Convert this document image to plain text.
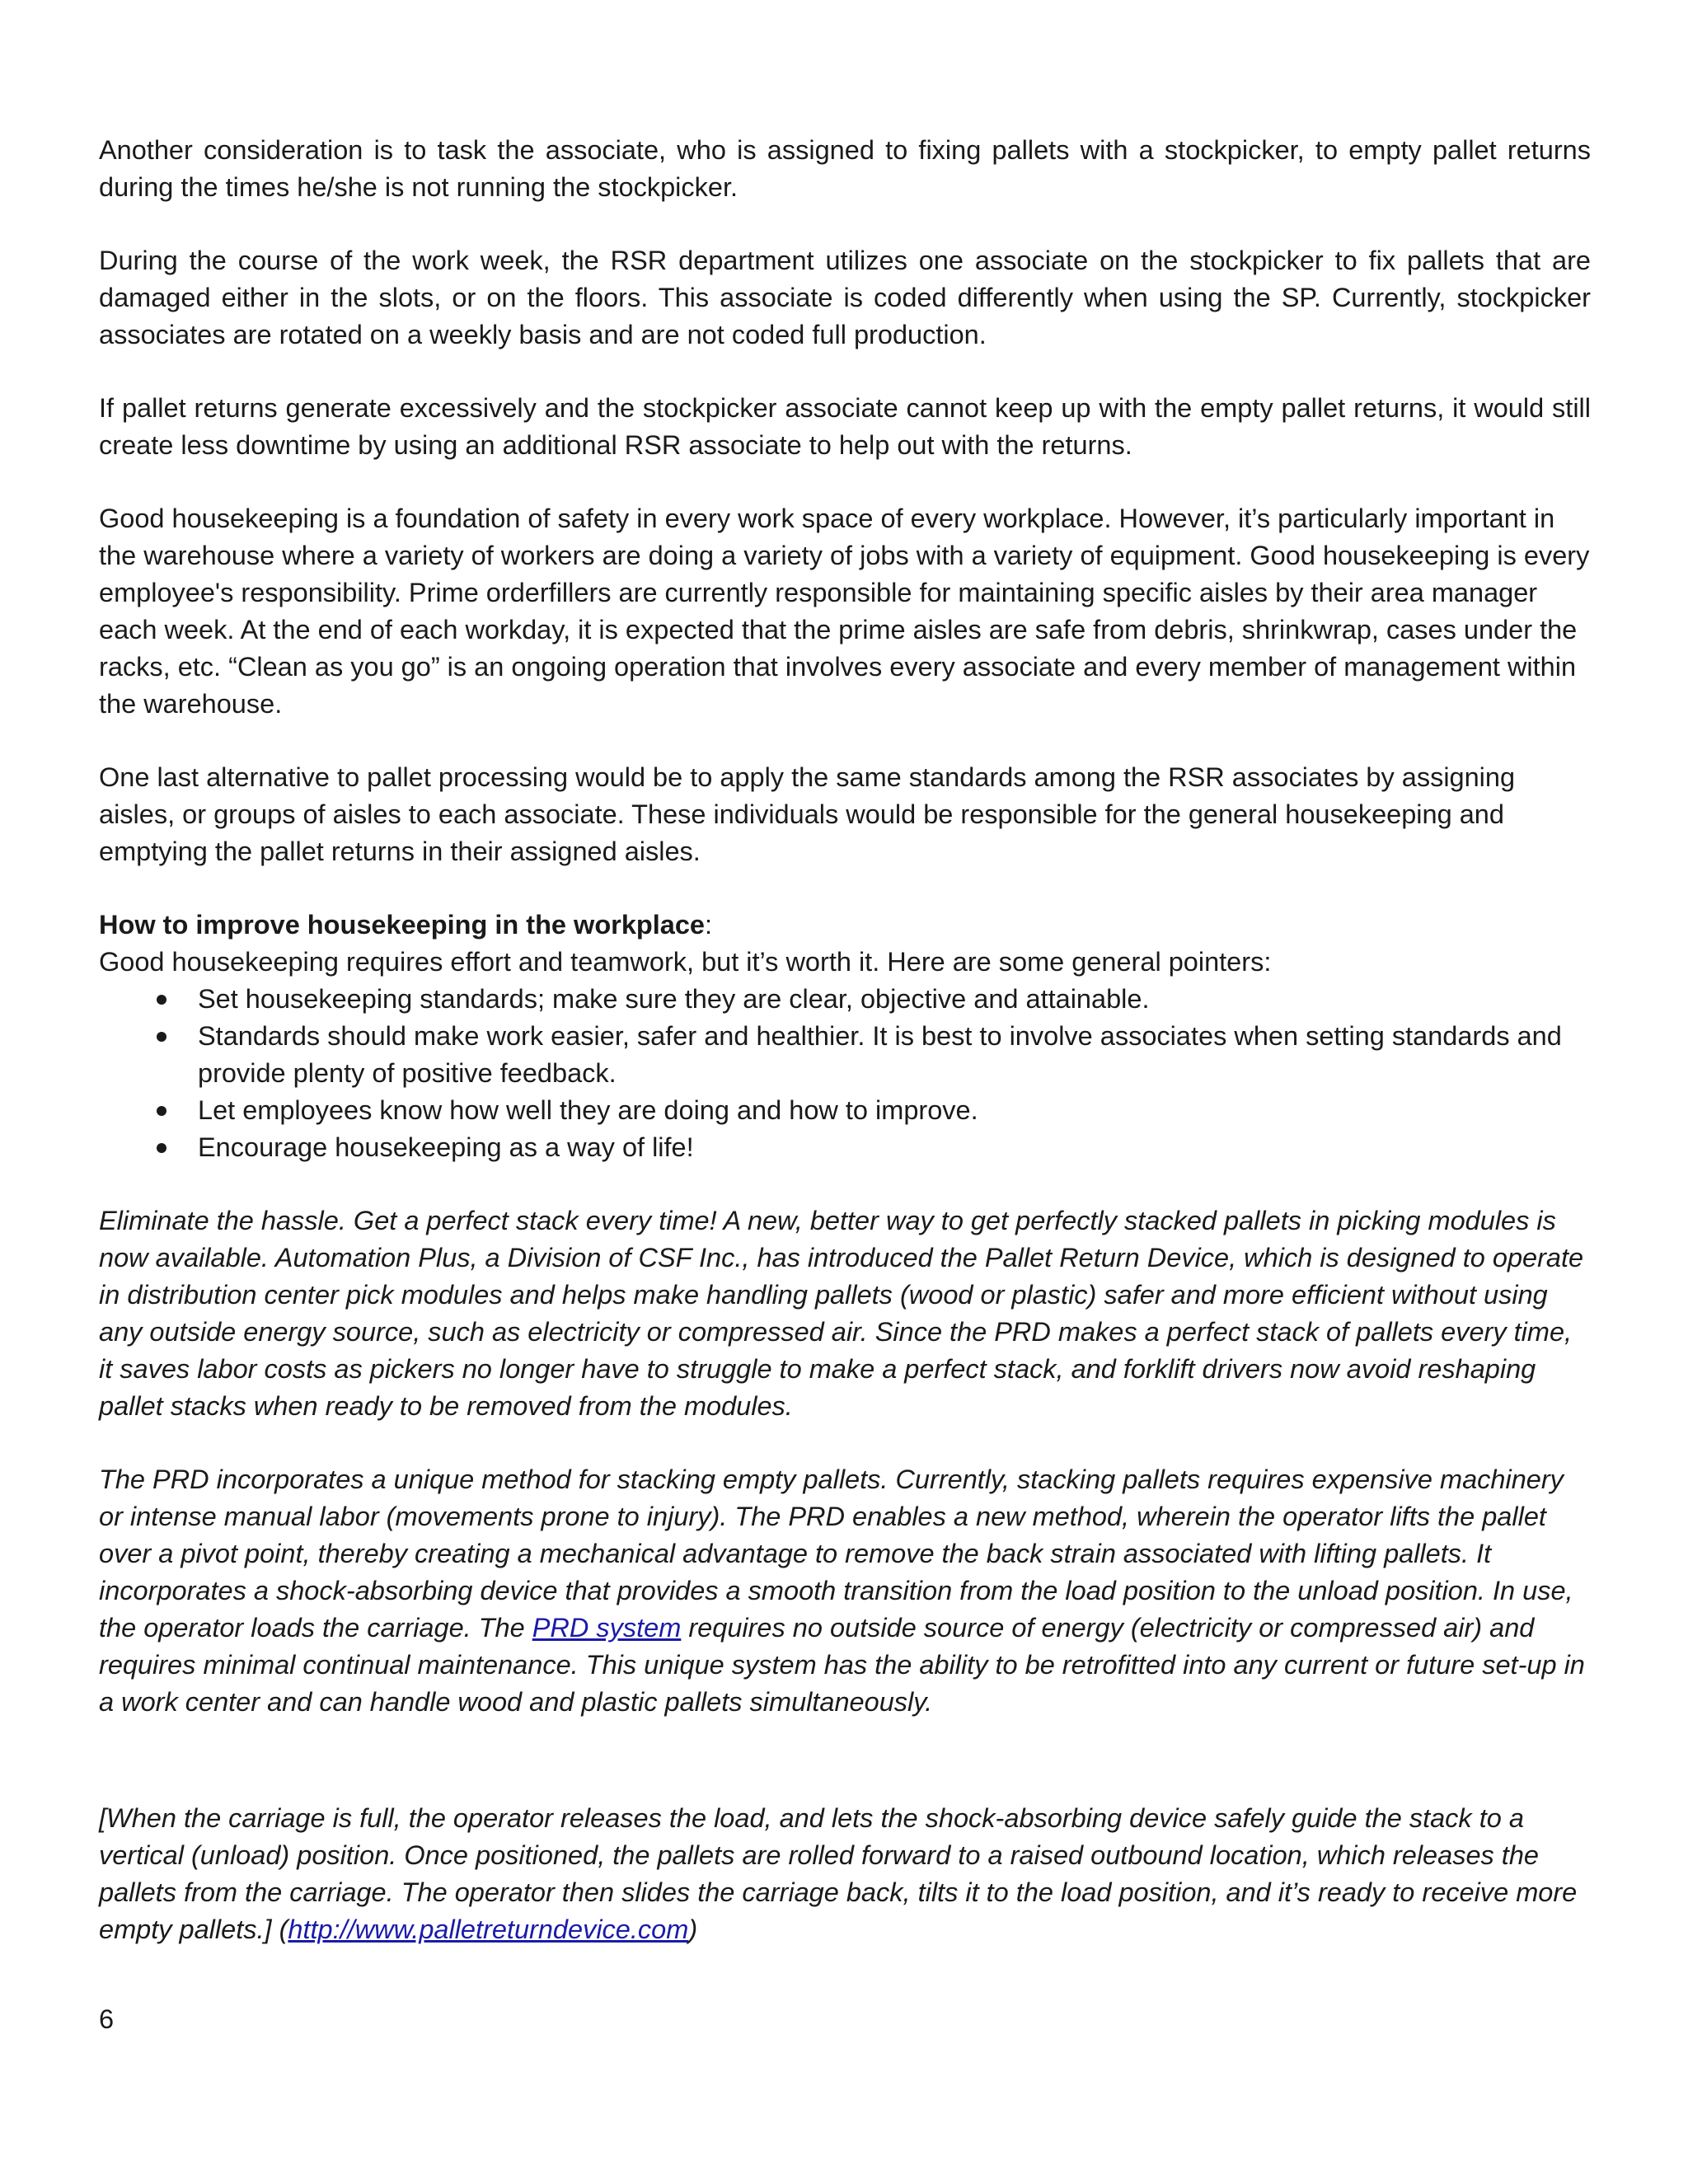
Another consideration is to task the associate, who is assigned to fixing pallets with a stockpicker, to empty pallet returns during the times he/she is not running the stockpicker.

During the course of the work week, the RSR department utilizes one associate on the stockpicker to fix pallets that are damaged either in the slots, or on the floors. This associate is coded differently when using the SP. Currently, stockpicker associates are rotated on a weekly basis and are not coded full production.

If pallet returns generate excessively and the stockpicker associate cannot keep up with the empty pallet returns, it would still create less downtime by using an additional RSR associate to help out with the returns.

Good housekeeping is a foundation of safety in every work space of every workplace. However, it’s particularly important in the warehouse where a variety of workers are doing a variety of jobs with a variety of equipment. Good housekeeping is every employee's responsibility. Prime orderfillers are currently responsible for maintaining specific aisles by their area manager each week. At the end of each workday, it is expected that the prime aisles are safe from debris, shrinkwrap, cases under the racks, etc. “Clean as you go” is an ongoing operation that involves every associate and every member of management within the warehouse.

One last alternative to pallet processing would be to apply the same standards among the RSR associates by assigning aisles, or groups of aisles to each associate. These individuals would be responsible for the general housekeeping and emptying the pallet returns in their assigned aisles.

How to improve housekeeping in the workplace:
Good housekeeping requires effort and teamwork, but it’s worth it. Here are some general pointers:
Set housekeeping standards; make sure they are clear, objective and attainable.
Standards should make work easier, safer and healthier. It is best to involve associates when setting standards and provide plenty of positive feedback.
Let employees know how well they are doing and how to improve.
Encourage housekeeping as a way of life!

Eliminate the hassle. Get a perfect stack every time! A new, better way to get perfectly stacked pallets in picking modules is now available. Automation Plus, a Division of CSF Inc., has introduced the Pallet Return Device, which is designed to operate in distribution center pick modules and helps make handling pallets (wood or plastic) safer and more efficient without using any outside energy source, such as electricity or compressed air. Since the PRD makes a perfect stack of pallets every time, it saves labor costs as pickers no longer have to struggle to make a perfect stack, and forklift drivers now avoid reshaping pallet stacks when ready to be removed from the modules.

The PRD incorporates a unique method for stacking empty pallets. Currently, stacking pallets requires expensive machinery or intense manual labor (movements prone to injury). The PRD enables a new method, wherein the operator lifts the pallet over a pivot point, thereby creating a mechanical advantage to remove the back strain associated with lifting pallets. It incorporates a shock-absorbing device that provides a smooth transition from the load position to the unload position. In use, the operator loads the carriage. The PRD system requires no outside source of energy (electricity or compressed air) and requires minimal continual maintenance. This unique system has the ability to be retrofitted into any current or future set-up in a work center and can handle wood and plastic pallets simultaneously.

[When the carriage is full, the operator releases the load, and lets the shock-absorbing device safely guide the stack to a vertical (unload) position. Once positioned, the pallets are rolled forward to a raised outbound location, which releases the pallets from the carriage. The operator then slides the carriage back, tilts it to the load position, and it’s ready to receive more empty pallets.] (http://www.palletreturndevice.com)

6
